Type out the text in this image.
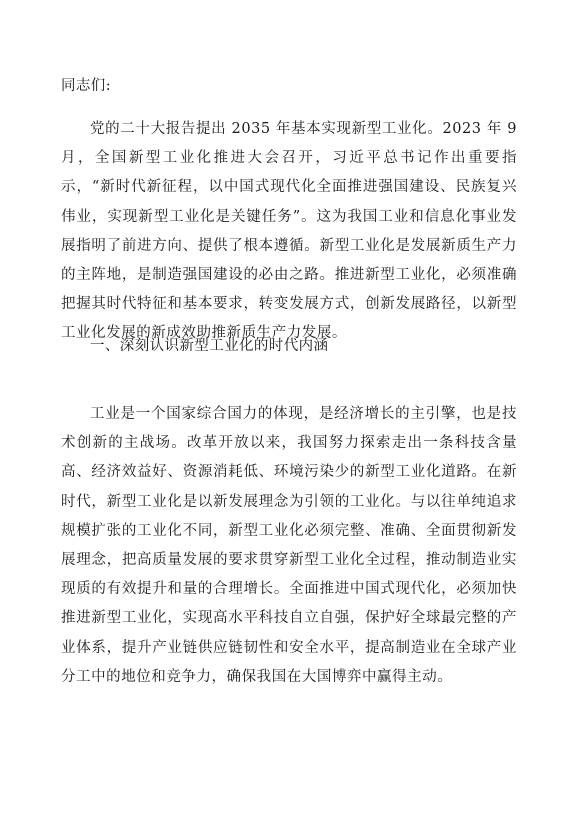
同志们:

党的二十大报告提出 2035 年基本实现新型工业化。2023 年 9 月，全国新型工业化推进大会召开，习近平总书记作出重要指示，“新时代新征程，以中国式现代化全面推进强国建设、民族复兴伟业，实现新型工业化是关键任务”。这为我国工业和信息化事业发展指明了前进方向、提供了根本遵循。新型工业化是发展新质生产力的主阵地，是制造强国建设的必由之路。推进新型工业化，必须准确把握其时代特征和基本要求，转变发展方式，创新发展路径，以新型工业化发展的新成效助推新质生产力发展。

一、深刻认识新型工业化的时代内涵

工业是一个国家综合国力的体现，是经济增长的主引擎，也是技术创新的主战场。改革开放以来，我国努力探索走出一条科技含量高、经济效益好、资源消耗低、环境污染少的新型工业化道路。在新时代，新型工业化是以新发展理念为引领的工业化。与以往单纯追求规模扩张的工业化不同，新型工业化必须完整、准确、全面贯彻新发展理念，把高质量发展的要求贯穿新型工业化全过程，推动制造业实现质的有效提升和量的合理增长。全面推进中国式现代化，必须加快推进新型工业化，实现高水平科技自立自强，保护好全球最完整的产业体系，提升产业链供应链韧性和安全水平，提高制造业在全球产业分工中的地位和竞争力，确保我国在大国博弈中赢得主动。
